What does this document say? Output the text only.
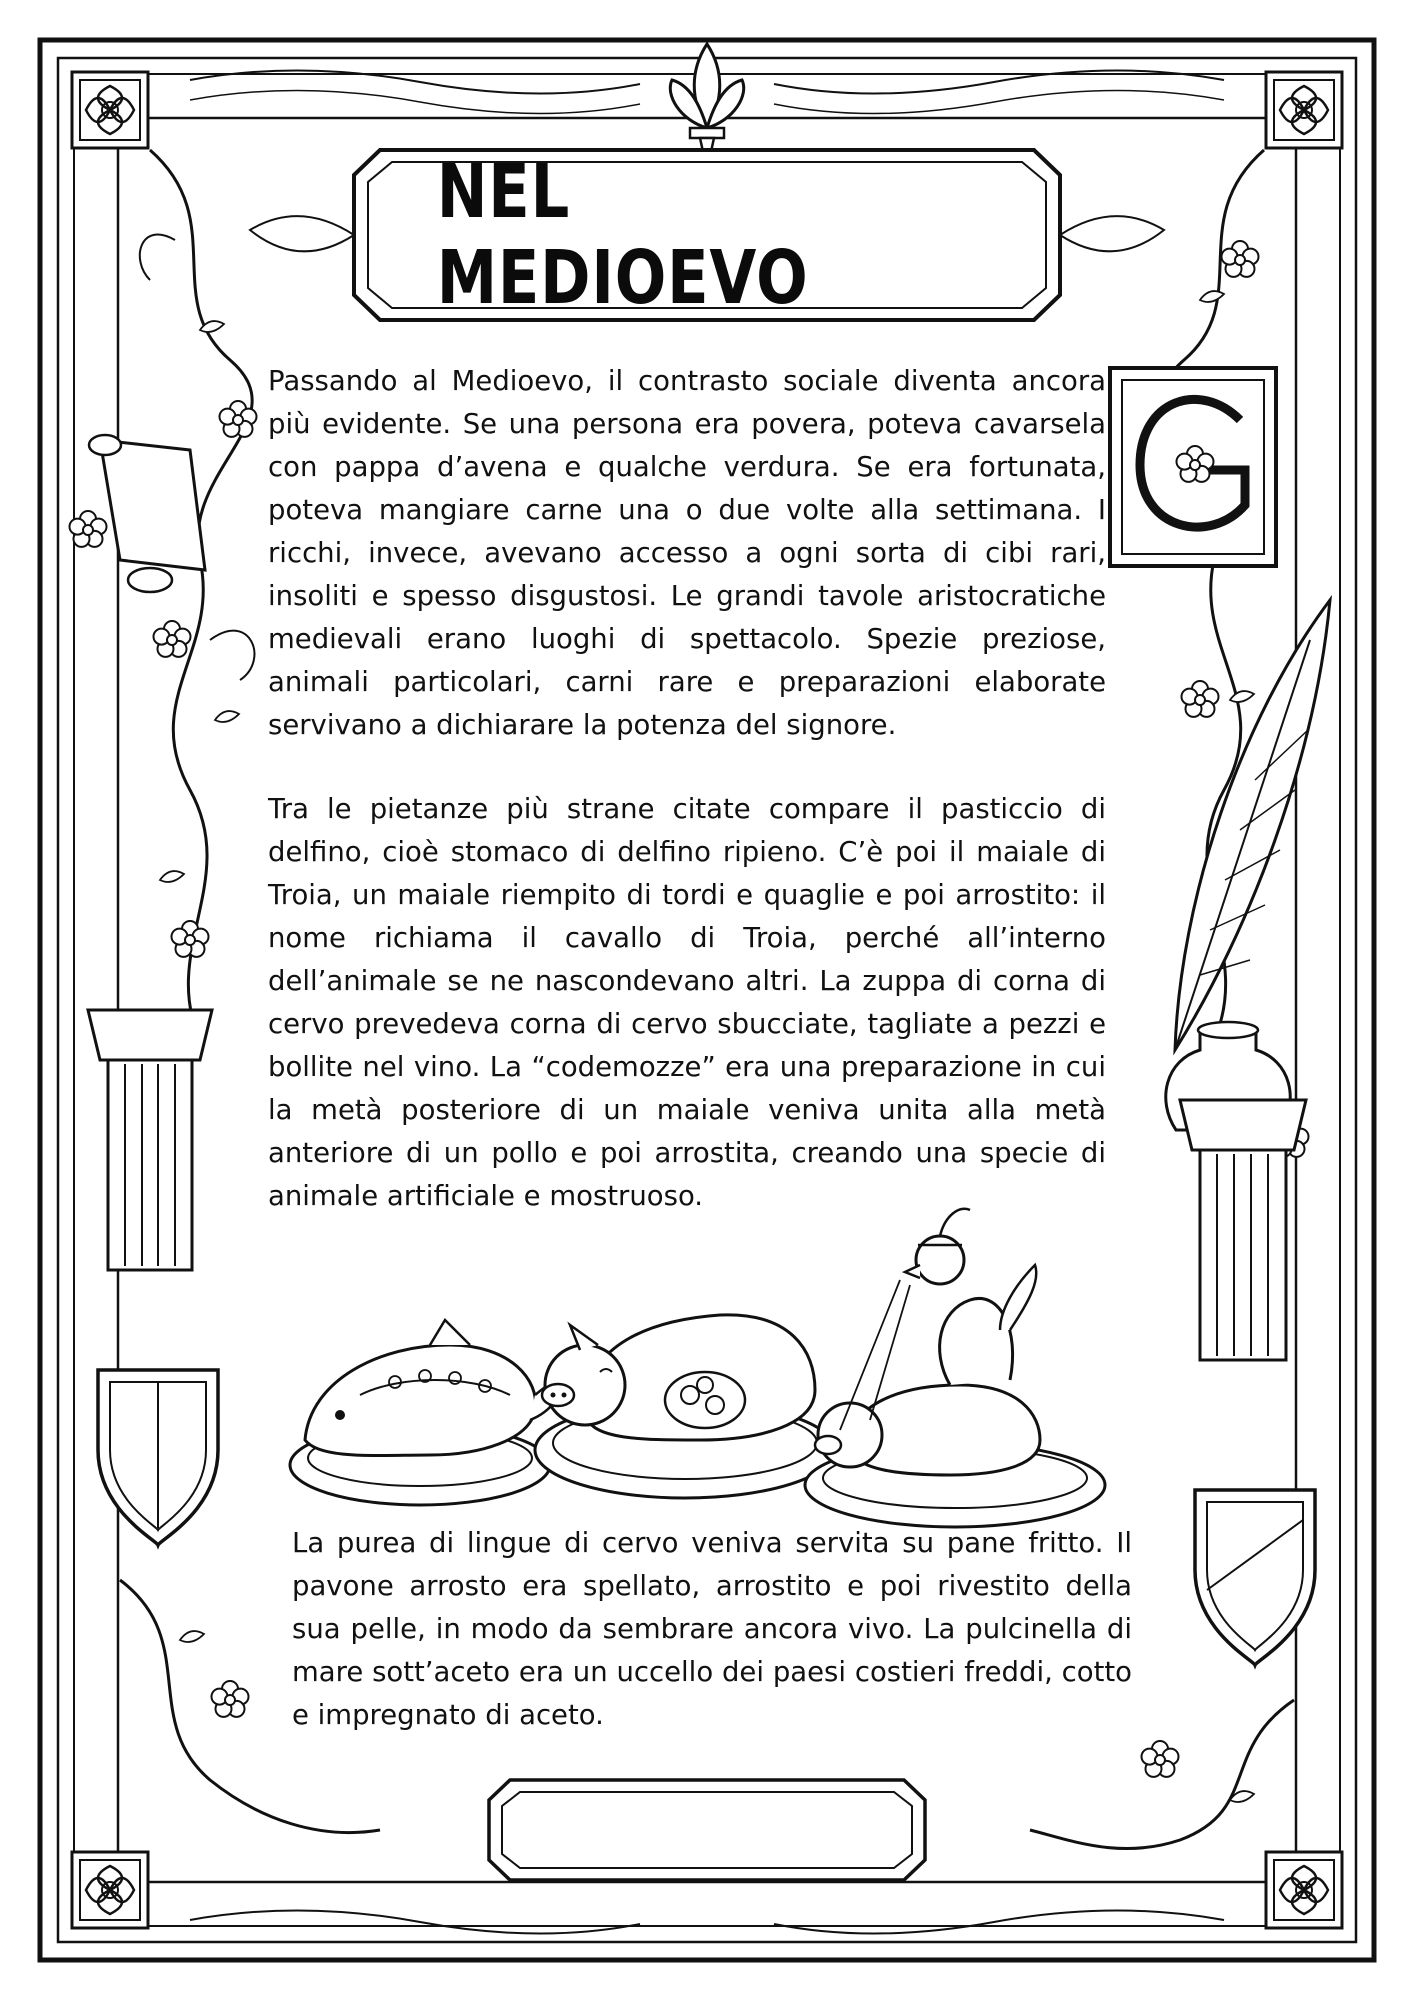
NEL MEDIOEVO

Passando al Medioevo, il contrasto sociale diventa ancora più evidente. Se una persona era povera, poteva cavarsela con pappa d’avena e qualche verdura. Se era fortunata, poteva mangiare carne una o due volte alla settimana. I ricchi, invece, avevano accesso a ogni sorta di cibi rari, insoliti e spesso disgustosi. Le grandi tavole aristocratiche medievali erano luoghi di spettacolo. Spezie preziose, animali particolari, carni rare e preparazioni elaborate servivano a dichiarare la potenza del signore.

Tra le pietanze più strane citate compare il pasticcio di delfino, cioè stomaco di delfino ripieno. C’è poi il maiale di Troia, un maiale riempito di tordi e quaglie e poi arrostito: il nome richiama il cavallo di Troia, perché all’interno dell’animale se ne nascondevano altri. La zuppa di corna di cervo prevedeva corna di cervo sbucciate, tagliate a pezzi e bollite nel vino. La “codemozze” era una preparazione in cui la metà posteriore di un maiale veniva unita alla metà anteriore di un pollo e poi arrostita, creando una specie di animale artificiale e mostruoso.

La purea di lingue di cervo veniva servita su pane fritto. Il pavone arrosto era spellato, arrostito e poi rivestito della sua pelle, in modo da sembrare ancora vivo. La pulcinella di mare sott’aceto era un uccello dei paesi costieri freddi, cotto e impregnato di aceto.
